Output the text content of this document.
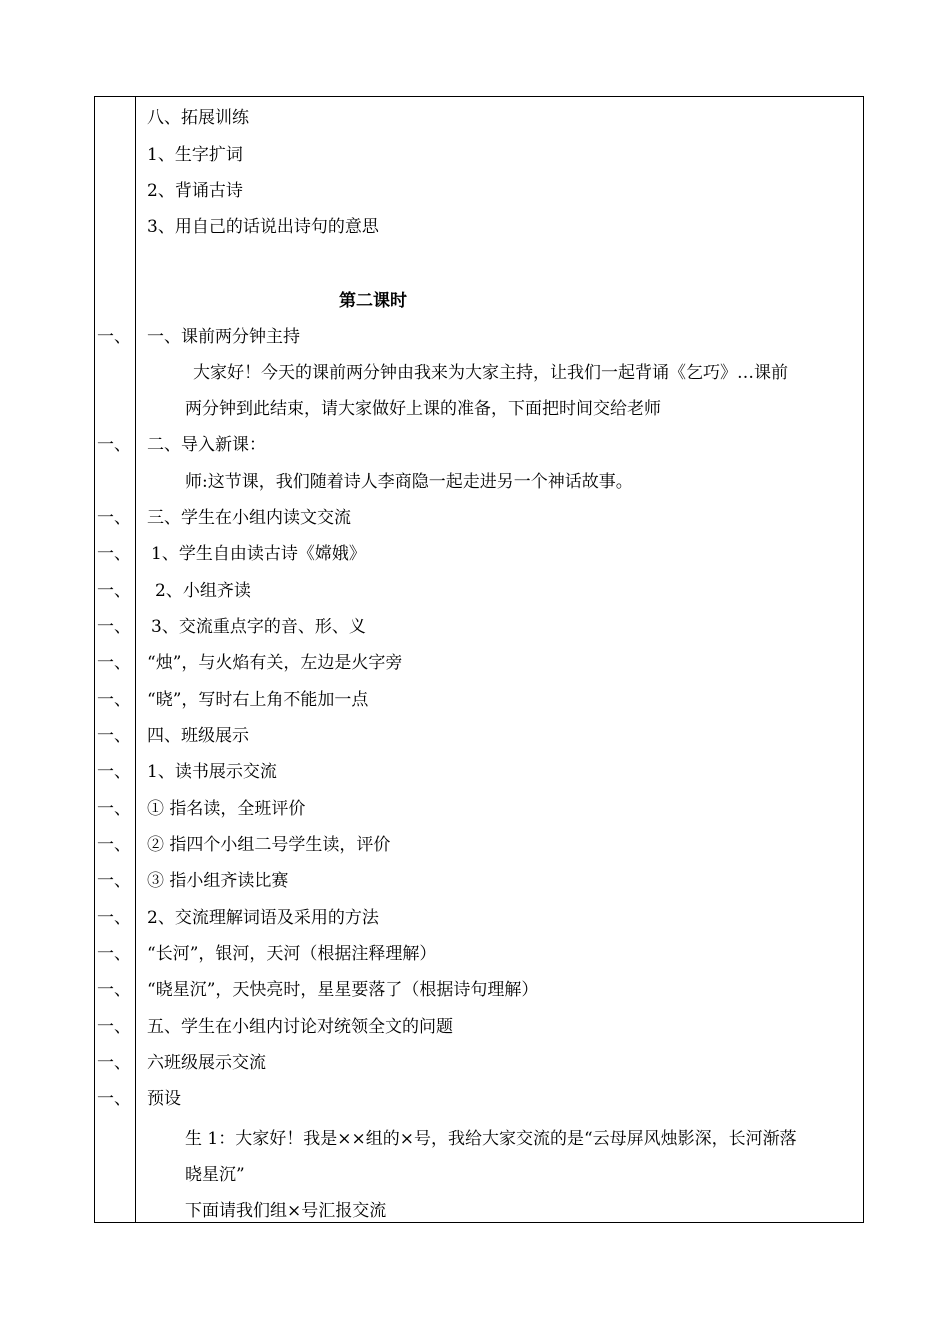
八、拓展训练
1、生字扩词
2、背诵古诗
3、用自己的话说出诗句的意思
第二课时
一、 一、课前两分钟主持
大家好！今天的课前两分钟由我来为大家主持，让我们一起背诵《乞巧》…课前
两分钟到此结束，请大家做好上课的准备，下面把时间交给老师
一、 二、导入新课：
师:这节课，我们随着诗人李商隐一起走进另一个神话故事。
一、 三、学生在小组内读文交流
一、 1、学生自由读古诗《嫦娥》
一、 2、小组齐读
一、 3、交流重点字的音、形、义
一、 “烛”，与火焰有关，左边是火字旁
一、 “晓”，写时右上角不能加一点
一、 四、班级展示
一、 1、读书展示交流
一、 ① 指名读，全班评价
一、 ② 指四个小组二号学生读，评价
一、 ③ 指小组齐读比赛
一、 2、交流理解词语及采用的方法
一、 “长河”，银河，天河（根据注释理解）
一、 “晓星沉”，天快亮时，星星要落了（根据诗句理解）
一、 五、学生在小组内讨论对统领全文的问题
一、 六班级展示交流
一、 预设
生 1：大家好！我是××组的×号，我给大家交流的是“云母屏风烛影深，长河渐落
晓星沉”
下面请我们组×号汇报交流
